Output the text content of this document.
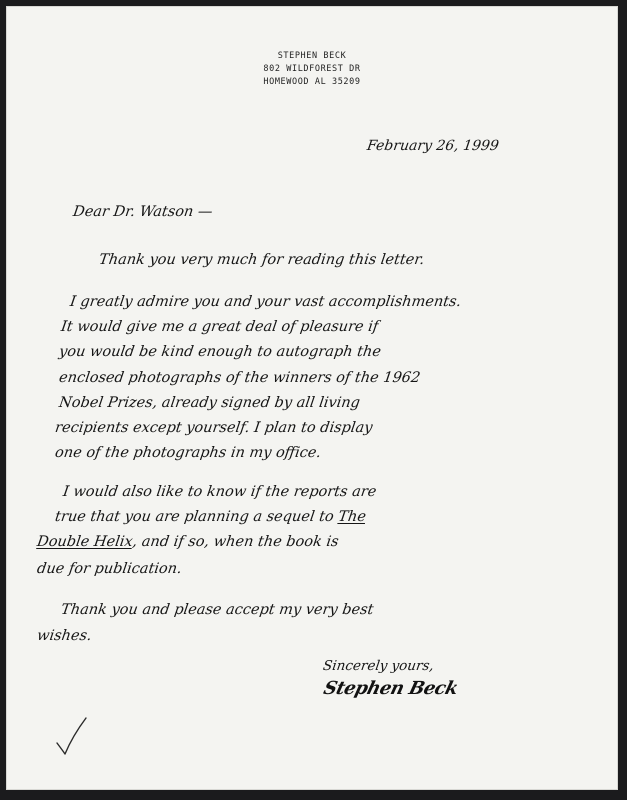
STEPHEN BECK
802 WILDFOREST DR
HOMEWOOD AL 35209
February 26, 1999
Dear Dr. Watson —
Thank you very much for reading this letter.
I greatly admire you and your vast accomplishments.
It would give me a great deal of pleasure if
you would be kind enough to autograph the
enclosed photographs of the winners of the 1962
Nobel Prizes, already signed by all living
recipients except yourself. I plan to display
one of the photographs in my office.
I would also like to know if the reports are
true that you are planning a sequel to The
Double Helix, and if so, when the book is
due for publication.
Thank you and please accept my very best
wishes.
Sincerely yours,
Stephen Beck
